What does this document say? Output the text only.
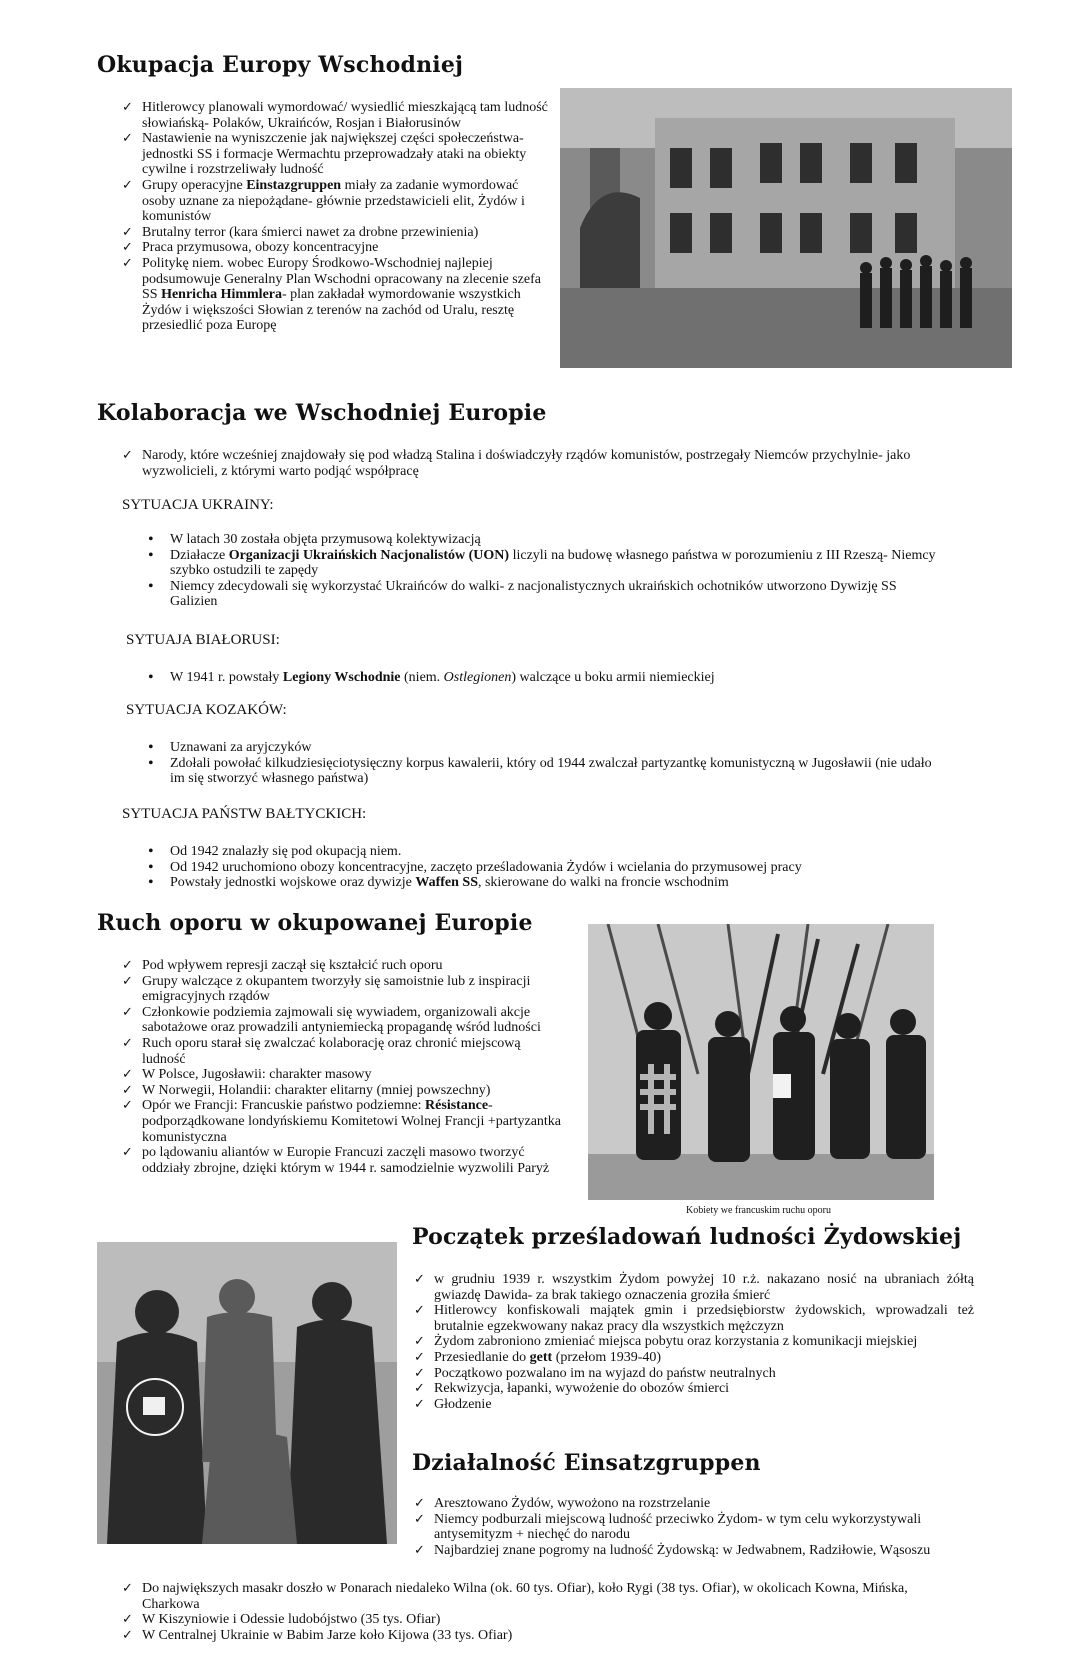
Okupacja Europy Wschodniej
✓ Hitlerowcy planowali wymordować/ wysiedlić mieszkającą tam ludność słowiańską- Polaków, Ukraińców, Rosjan i Białorusinów
✓ Nastawienie na wyniszczenie jak największej części społeczeństwa- jednostki SS i formacje Wermachtu przeprowadzały ataki na obiekty cywilne i rozstrzeliwały ludność
✓ Grupy operacyjne Einstazgruppen miały za zadanie wymordować osoby uznane za niepożądane- głównie przedstawicieli elit, Żydów i komunistów
✓ Brutalny terror (kara śmierci nawet za drobne przewinienia)
✓ Praca przymusowa, obozy koncentracyjne
✓ Politykę niem. wobec Europy Środkowo-Wschodniej najlepiej podsumowuje Generalny Plan Wschodni opracowany na zlecenie szefa SS Henricha Himmlera- plan zakładał wymordowanie wszystkich Żydów i większości Słowian z terenów na zachód od Uralu, resztę przesiedlić poza Europę
Kolaboracja we Wschodniej Europie
✓ Narody, które wcześniej znajdowały się pod władzą Stalina i doświadczyły rządów komunistów, postrzegały Niemców przychylnie- jako wyzwolicieli, z którymi warto podjąć współpracę

SYTUACJA UKRAINY:

• W latach 30 została objęta przymusową kolektywizacją
• Działacze Organizacji Ukraińskich Nacjonalistów (UON) liczyli na budowę własnego państwa w porozumieniu z III Rzeszą- Niemcy szybko ostudzili te zapędy
• Niemcy zdecydowali się wykorzystać Ukraińców do walki- z nacjonalistycznych ukraińskich ochotników utworzono Dywizję SS Galizien

SYTUAJA BIAŁORUSI:

• W 1941 r. powstały Legiony Wschodnie (niem. Ostlegionen) walczące u boku armii niemieckiej

SYTUACJA KOZAKÓW:

• Uznawani za aryjczyków
• Zdołali powołać kilkudziesięciotysięczny korpus kawalerii, który od 1944 zwalczał partyzantkę komunistyczną w Jugosławii (nie udało im się stworzyć własnego państwa)

SYTUACJA PAŃSTW BAŁTYCKICH:

• Od 1942 znalazły się pod okupacją niem.
• Od 1942 uruchomiono obozy koncentracyjne, zaczęto prześladowania Żydów i wcielania do przymusowej pracy
• Powstały jednostki wojskowe oraz dywizje Waffen SS, skierowane do walki na froncie wschodnim
Ruch oporu w okupowanej Europie
✓ Pod wpływem represji zaczął się kształcić ruch oporu
✓ Grupy walczące z okupantem tworzyły się samoistnie lub z inspiracji emigracyjnych rządów
✓ Członkowie podziemia zajmowali się wywiadem, organizowali akcje sabotażowe oraz prowadzili antyniemiecką propagandę wśród ludności
✓ Ruch oporu starał się zwalczać kolaborację oraz chronić miejscową ludność
✓ W Polsce, Jugosławii: charakter masowy
✓ W Norwegii, Holandii: charakter elitarny (mniej powszechny)
✓ Opór we Francji: Francuskie państwo podziemne: Résistance- podporządkowane londyńskiemu Komitetowi Wolnej Francji +partyzantka komunistyczna
✓ po lądowaniu aliantów w Europie Francuzi zaczęli masowo tworzyć oddziały zbrojne, dzięki którym w 1944 r. samodzielnie wyzwolili Paryż
Kobiety we francuskim ruchu oporu
Początek prześladowań ludności Żydowskiej
✓ w grudniu 1939 r. wszystkim Żydom powyżej 10 r.ż. nakazano nosić na ubraniach żółtą gwiazdę Dawida- za brak takiego oznaczenia groziła śmierć
✓ Hitlerowcy konfiskowali majątek gmin i przedsiębiorstw żydowskich, wprowadzali też brutalnie egzekwowany nakaz pracy dla wszystkich mężczyzn
✓ Żydom zabroniono zmieniać miejsca pobytu oraz korzystania z komunikacji miejskiej
✓ Przesiedlanie do gett (przełom 1939-40)
✓ Początkowo pozwalano im na wyjazd do państw neutralnych
✓ Rekwizycja, łapanki, wywożenie do obozów śmierci
✓ Głodzenie
Działalność Einsatzgruppen
✓ Aresztowano Żydów, wywożono na rozstrzelanie
✓ Niemcy podburzali miejscową ludność przeciwko Żydom- w tym celu wykorzystywali antysemityzm + niechęć do narodu
✓ Najbardziej znane pogromy na ludność Żydowską: w Jedwabnem, Radziłowie, Wąsoszu
✓ Do największych masakr doszło w Ponarach niedaleko Wilna (ok. 60 tys. Ofiar), koło Rygi (38 tys. Ofiar), w okolicach Kowna, Mińska, Charkowa
✓ W Kiszyniowie i Odessie ludobójstwo (35 tys. Ofiar)
✓ W Centralnej Ukrainie w Babim Jarze koło Kijowa (33 tys. Ofiar)
